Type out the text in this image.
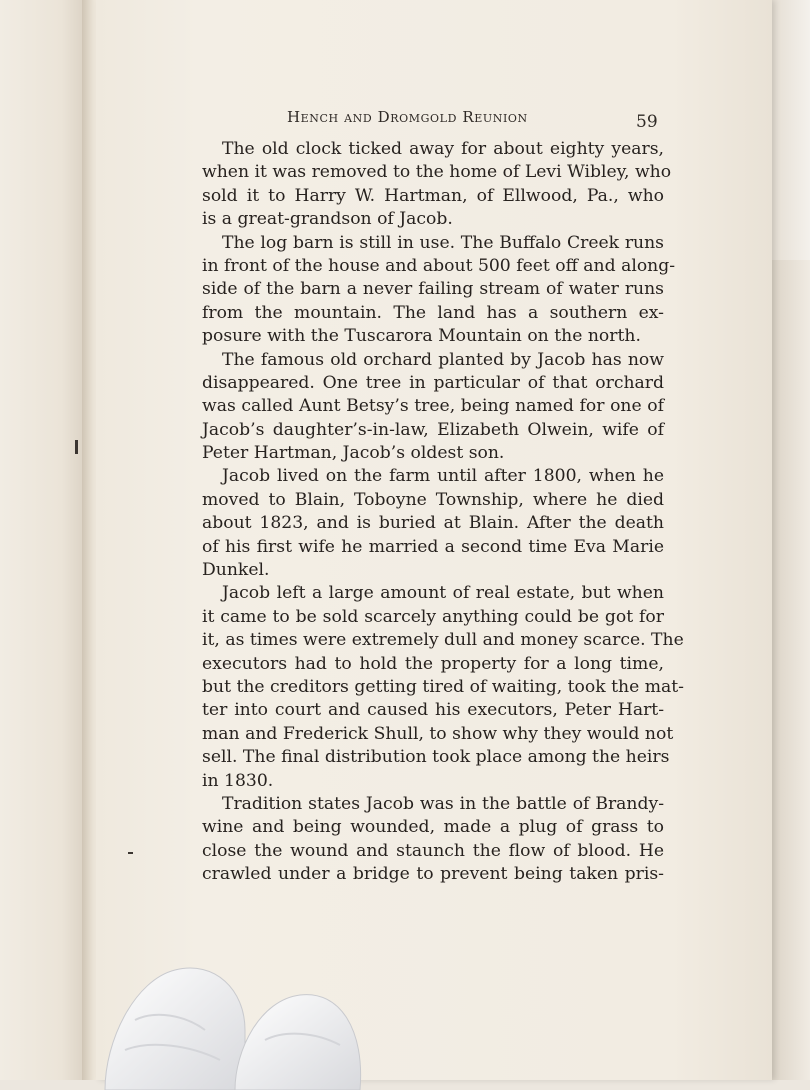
Hench and Dromgold Reunion	59
The old clock ticked away for about eighty years,
when it was removed to the home of Levi Wibley, who
sold it to Harry W. Hartman, of Ellwood, Pa., who
is a great-grandson of Jacob.
The log barn is still in use. The Buffalo Creek runs
in front of the house and about 500 feet off and along-
side of the barn a never failing stream of water runs
from the mountain. The land has a southern ex-
posure with the Tuscarora Mountain on the north.
The famous old orchard planted by Jacob has now
disappeared. One tree in particular of that orchard
was called Aunt Betsy’s tree, being named for one of
Jacob’s daughter’s-in-law, Elizabeth Olwein, wife of
Peter Hartman, Jacob’s oldest son.
Jacob lived on the farm until after 1800, when he
moved to Blain, Toboyne Township, where he died
about 1823, and is buried at Blain. After the death
of his first wife he married a second time Eva Marie
Dunkel.
Jacob left a large amount of real estate, but when
it came to be sold scarcely anything could be got for
it, as times were extremely dull and money scarce. The
executors had to hold the property for a long time,
but the creditors getting tired of waiting, took the mat-
ter into court and caused his executors, Peter Hart-
man and Frederick Shull, to show why they would not
sell. The final distribution took place among the heirs
in 1830.
Tradition states Jacob was in the battle of Brandy-
wine and being wounded, made a plug of grass to
close the wound and staunch the flow of blood. He
crawled under a bridge to prevent being taken pris-
